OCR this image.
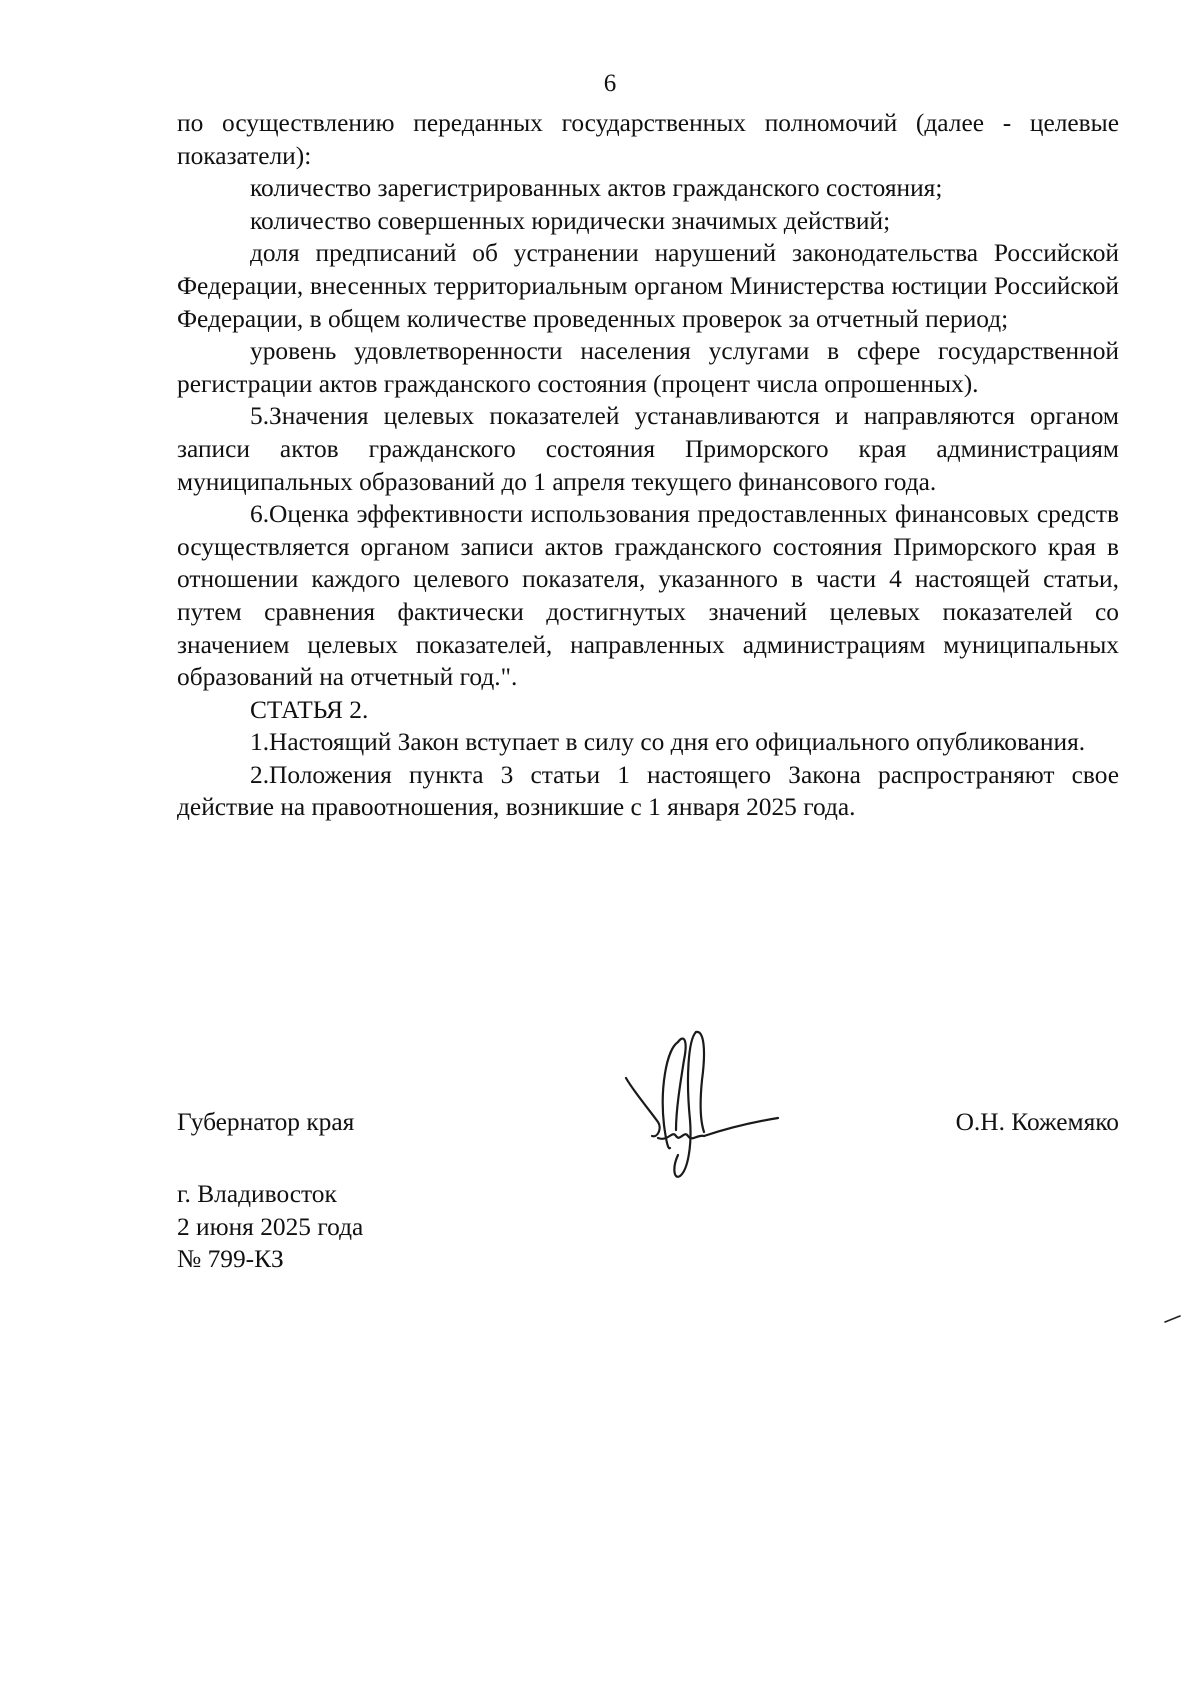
6

по осуществлению переданных государственных полномочий (далее - целевые показатели):

количество зарегистрированных актов гражданского состояния;

количество совершенных юридически значимых действий;

доля предписаний об устранении нарушений законодательства Российской Федерации, внесенных территориальным органом Министерства юстиции Российской Федерации, в общем количестве проведенных проверок за отчетный период;

уровень удовлетворенности населения услугами в сфере государственной регистрации актов гражданского состояния (процент числа опрошенных).

5.Значения целевых показателей устанавливаются и направляются органом записи актов гражданского состояния Приморского края администрациям муниципальных образований до 1 апреля текущего финансового года.

6.Оценка эффективности использования предоставленных финансовых средств осуществляется органом записи актов гражданского состояния Приморского края в отношении каждого целевого показателя, указанного в части 4 настоящей статьи, путем сравнения фактически достигнутых значений целевых показателей со значением целевых показателей, направленных администрациям муниципальных образований на отчетный год.".

СТАТЬЯ 2.

1.Настоящий Закон вступает в силу со дня его официального опубликования.

2.Положения пункта 3 статьи 1 настоящего Закона распространяют свое действие на правоотношения, возникшие с 1 января 2025 года.

Губернатор края	О.Н. Кожемяко
г. Владивосток
2 июня 2025 года
№ 799-КЗ
